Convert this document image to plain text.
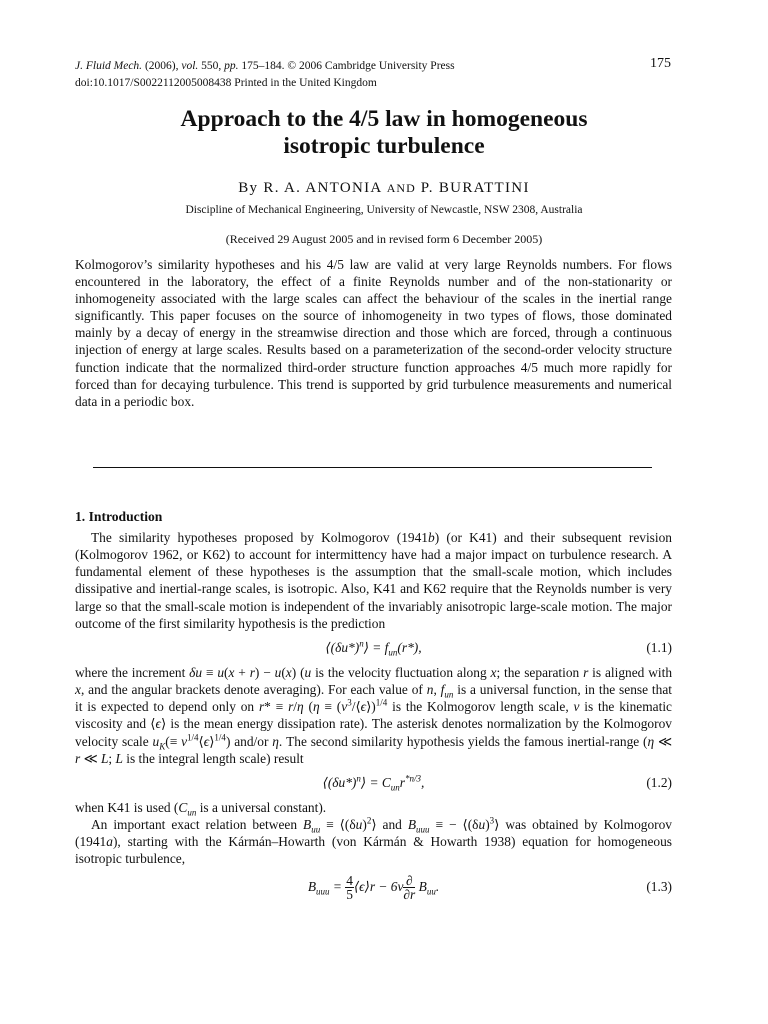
J. Fluid Mech. (2006), vol. 550, pp. 175–184. © 2006 Cambridge University Press
doi:10.1017/S0022112005008438 Printed in the United Kingdom
175
Approach to the 4/5 law in homogeneous
isotropic turbulence
By R. A. ANTONIA AND P. BURATTINI
Discipline of Mechanical Engineering, University of Newcastle, NSW 2308, Australia
(Received 29 August 2005 and in revised form 6 December 2005)
Kolmogorov’s similarity hypotheses and his 4/5 law are valid at very large Reynolds numbers. For flows encountered in the laboratory, the effect of a finite Reynolds number and of the non-stationarity or inhomogeneity associated with the large scales can affect the behaviour of the scales in the inertial range significantly. This paper focuses on the source of inhomogeneity in two types of flows, those dominated mainly by a decay of energy in the streamwise direction and those which are forced, through a continuous injection of energy at large scales. Results based on a parameterization of the second-order velocity structure function indicate that the normalized third-order structure function approaches 4/5 much more rapidly for forced than for decaying turbulence. This trend is supported by grid turbulence measurements and numerical data in a periodic box.
1. Introduction

The similarity hypotheses proposed by Kolmogorov (1941b) (or K41) and their subsequent revision (Kolmogorov 1962, or K62) to account for intermittency have had a major impact on turbulence research. A fundamental element of these hypotheses is the assumption that the small-scale motion, which includes dissipative and inertial-range scales, is isotropic. Also, K41 and K62 require that the Reynolds number is very large so that the small-scale motion is independent of the invariably anisotropic large-scale motion. The major outcome of the first similarity hypothesis is the prediction

$⟨(\delta u*)^n⟩ = f_{un}(r*)$,	(1.1)

where the increment δu ≡ u(x + r) − u(x) (u is the velocity fluctuation along x; the separation r is aligned with x, and the angular brackets denote averaging). For each value of n, $f_{un}$ is a universal function, in the sense that it is expected to depend only on r* ≡ r/η ($\eta \equiv (\nu^3/⟨\epsilon⟩)^{1/4}$ is the Kolmogorov length scale, ν is the kinematic viscosity and ⟨ϵ⟩ is the mean energy dissipation rate). The asterisk denotes normalization by the Kolmogorov velocity scale $u_K(\equiv$ $\nu^{1/4}⟨\epsilon⟩^{1/4}$) and/or η. The second similarity hypothesis yields the famous inertial-range (η ≪ r ≪ L; L is the integral length scale) result

$⟨(\delta u*)^n⟩ = C_{un}r^{*n/3}$,	(1.2)

when K41 is used ($C_{un}$ is a universal constant).

An important exact relation between $B_{uu}$ ≡ $⟨(\delta u)^2⟩$ and $B_{uuu}$ ≡ − $⟨(\delta u)^3⟩$ was obtained by Kolmogorov (1941a), starting with the Kármán–Howarth (von Kármán & Howarth 1938) equation for homogeneous isotropic turbulence,

$B_{uuu} = \frac{4}{5}$ ⟨ϵ⟩r − $6\nu \frac{\partial}{\partial r} B_{uu}$.	(1.3)
